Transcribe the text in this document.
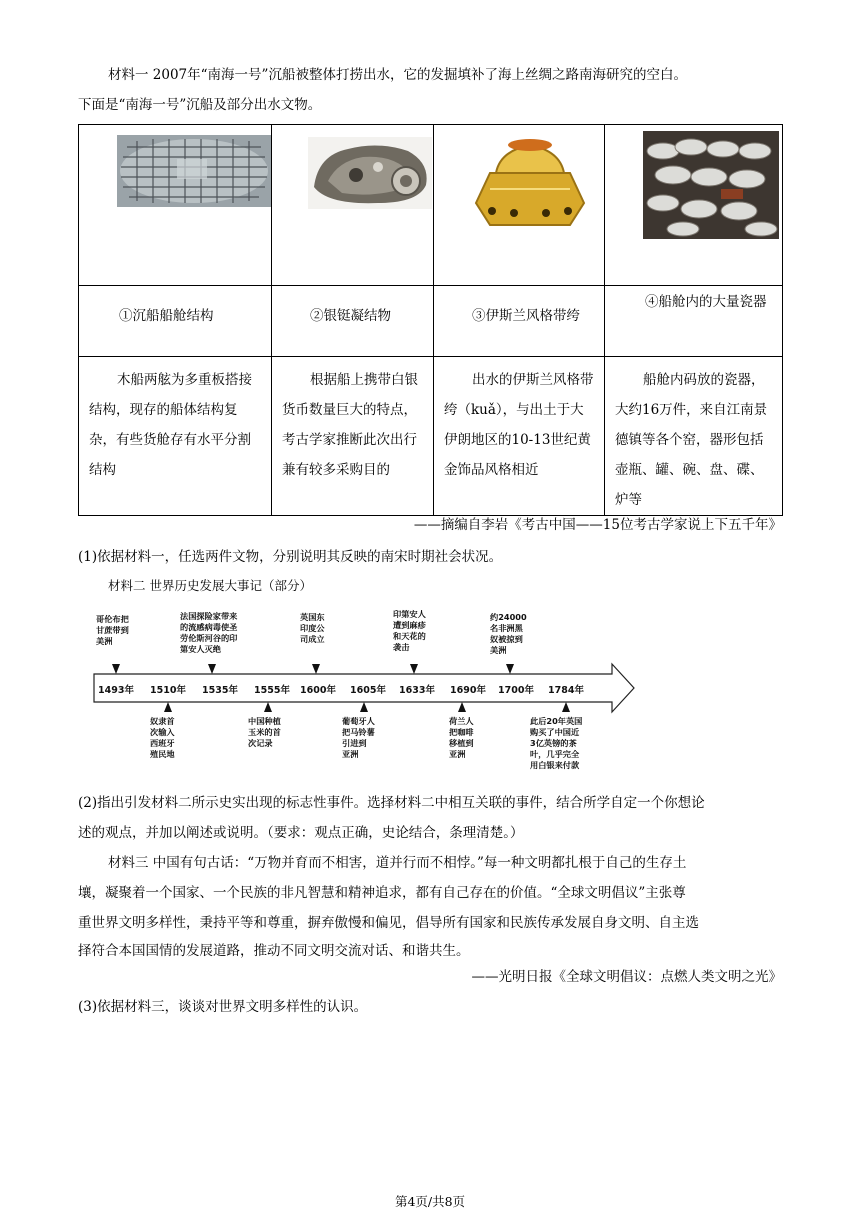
材料一 2007年“南海一号”沉船被整体打捞出水，它的发掘填补了海上丝绸之路南海研究的空白。
下面是“南海一号”沉船及部分出水文物。

①沉船船舱结构	②银铤凝结物	③伊斯兰风格带绔	④船舱内的大量瓷器

木船两舷为多重板搭接结构，现存的船体结构复杂，有些货舱存有水平分割结构	根据船上携带白银货币数量巨大的特点，考古学家推断此次出行兼有较多采购目的	出水的伊斯兰风格带绔（kuǎ），与出土于大伊朗地区的10-13世纪黄金饰品风格相近	船舱内码放的瓷器，大约16万件，来自江南景德镇等各个窑，器形包括壶瓶、罐、碗、盘、碟、炉等
——摘编自李岩《考古中国——15位考古学家说上下五千年》
(1)依据材料一，任选两件文物，分别说明其反映的南宋时期社会状况。
材料二 世界历史发展大事记（部分）
1493年 1510年 1535年 1555年 1600年 1605年 1633年 1690年 1700年 1784年
哥伦布把
甘蔗带到
美洲
法国探险家带来
的流感病毒使圣
劳伦斯河谷的印
第安人灭绝
英国东
印度公
司成立
印第安人
遭到麻疹
和天花的
袭击
约24000
名非洲黑
奴被掠到
美洲
奴隶首
次输入
西班牙
殖民地
中国种植
玉米的首
次记录
葡萄牙人
把马铃薯
引进到
亚洲
荷兰人
把咖啡
移植到
亚洲
此后20年英国
购买了中国近
3亿英镑的茶
叶，几乎完全
用白银来付款
(2)指出引发材料二所示史实出现的标志性事件。选择材料二中相互关联的事件，结合所学自定一个你想论
述的观点，并加以阐述或说明。（要求：观点正确，史论结合，条理清楚。）
材料三 中国有句古话：“万物并育而不相害，道并行而不相悖。”每一种文明都扎根于自己的生存土
壤，凝聚着一个国家、一个民族的非凡智慧和精神追求，都有自己存在的价值。“全球文明倡议”主张尊
重世界文明多样性，秉持平等和尊重，摒弃傲慢和偏见，倡导所有国家和民族传承发展自身文明、自主选
择符合本国国情的发展道路，推动不同文明交流对话、和谐共生。
——光明日报《全球文明倡议：点燃人类文明之光》
(3)依据材料三，谈谈对世界文明多样性的认识。
第4页/共8页
